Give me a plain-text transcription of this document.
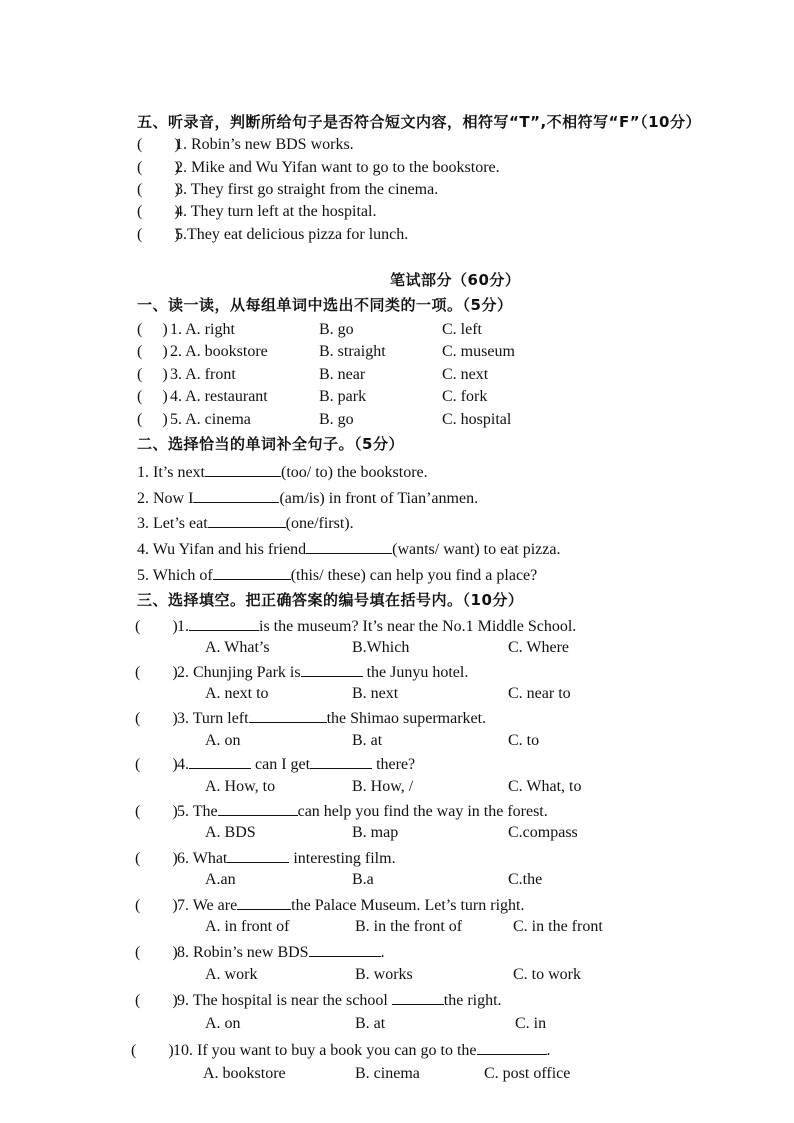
五、听录音，判断所给句子是否符合短文内容，相符写“T”,不相符写“F”（10分）
(　　)1. Robin’s new BDS works.
(　　)2. Mike and Wu Yifan want to go to the bookstore.
(　　)3. They first go straight from the cinema.
(　　)4. They turn left at the hospital.
(　　)5.They eat delicious pizza for lunch.
笔试部分（60分）
一、读一读，从每组单词中选出不同类的一项。（5分）
(　 ) 1. A. right	B. go	C. left
(　 ) 2. A. bookstore	B. straight	C. museum
(　 ) 3. A. front	B. near	C. next
(　 ) 4. A. restaurant	B. park	C. fork
(　 ) 5. A. cinema	B. go	C. hospital
二、选择恰当的单词补全句子。（5分）
1. It’s next	(too/ to) the bookstore.
2. Now I	(am/is) in front of Tian’anmen.
3. Let’s eat	(one/first).
4. Wu Yifan and his friend	(wants/ want) to eat pizza.
5. Which of	(this/ these) can help you find a place?
三、选择填空。把正确答案的编号填在括号内。（10分）
(　　)1.	is the museum? It’s near the No.1 Middle School.
A. What’s	B.Which	C. Where
(　　)2. Chunjing Park is	the Junyu hotel.
A. next to	B. next	C. near to
(　　)3. Turn left	the Shimao supermarket.
A. on	B. at	C. to
(　　)4.	can I get	there?
A. How, to	B. How, /	C. What, to
(　　)5. The	can help you find the way in the forest.
A. BDS	B. map	C.compass
(　　)6. What	interesting film.
A.an	B.a	C.the
(　　)7. We are	the Palace Museum. Let’s turn right.
A. in front of	B. in the front of	C. in the front
(　　)8. Robin’s new BDS	.
A. work	B. works	C. to work
(　　)9. The hospital is near the school	the right.
A. on	B. at	C. in
(　　)10. If you want to buy a book you can go to the	.
A. bookstore	B. cinema	C. post office
